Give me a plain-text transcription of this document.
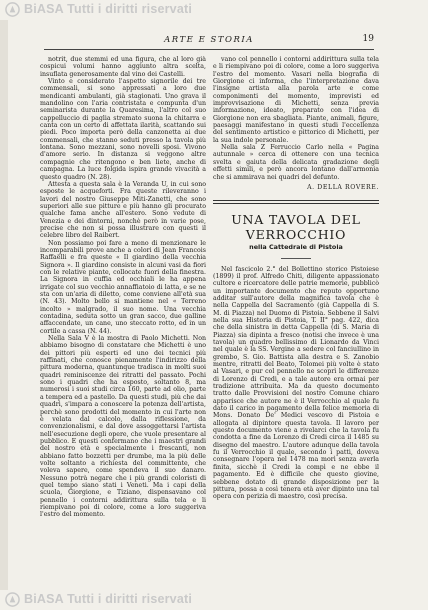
BiASA Tutti i diritti riservati
ARTE E STORIA	19

notrit, due stemmi ed una figura, che al loro già cospicui volumi hanno aggiunto altra scelta, insuflata generosamente dal vino dei Castelli.

Vinto e considerato l'aspetto signorile dei tre commensali, si sono appressati a loro due mendicanti ambulanti, già stagionati. Uno grava il mandolino con l'aria contristata e compunta d'un seminarista durante la Quaresima, l'altro col suo cappelluccio di paglia stremato suona la chitarra e canta con un certo di affettata ilarità, scattando sui piedi. Poco importa però della canzonetta ai due commensali, che stanno seduti presso la tavola più lontana. Sono mezzani, sono novelli sposi. Vivono d'amore serio. In distanza si veggono altre compagnie che ritengono e ben liete, anche di campagna. La luce folgida ispira grande vivacità a questo quadro (N. 28).

Attesta a questa sala è la Veranda U, in cui sono esposte le acqueforti. Fra queste rileveranno i lavori del nostro Giuseppe Miti-Zanetti, che sono superiori alle sue pitture e più hanno gli procurato qualche fama anche all'estero. Sono vedute di Venezia e dei dintorni, nonchè però in varie pose, precise che non si possa illustrare con questi il celebre libro del Raibert.

Non possiamo poi fare a meno di menzionare le incomparabili prove anche a colori di Jean Francois Raffaëlli e fra queste « Il giardino della vecchia Signora ». Il giardino consiste in alcuni vasi da fiori con le relative piante, collocate fuori della finestra. La Signora in cuffia ed occhiali le ha appena irrigate col suo vecchio annaffiatoio di latta, e se ne sta con un'aria di diletto, come conviene all'età sua (N. 43). Molto bello si mantiene nel « Terreno incolto » malgrado, il suo nome. Una vecchia contadina, seduta sotto un gran sacco, due galline affaccendate, un cane, uno steccato rotto, ed in un cortile a cassa (N. 44).

Nella Sala V è la mostra di Paolo Michetti. Non abbiamo bisogno di constatare che Michetti è uno dei pittori più esperti ed uno dei tecnici più raffinati, che conosce pienamente l'indirizzo della pittura moderna, quantunque tradisca in molti suoi quadri reminiscenze dei ritratti del passato. Pochi sono i quadri che ha esposto, soltanto 8, ma numerosi i suoi studi circa 160, parte ad olio, parte a tempera ed a pastello. Da questi studi, più che dai quadri, s'impara a conoscere la potenza dell'artista, perchè sono prodotti del momento in cui l'arte non è velata dal calcolo, dalla riflessione, da convenzionalismi, e dal dove assoggettarsi l'artista nell'esecuzione degli opere, che vuole presentare al pubblico. E questi confermano che i maestri grandi del nostro età e specialmente i frescanti, non abbiano fatto bozzetti per drumbe, ma la più delle volte soltanto a richiesta del committente, che voleva sapere, come spendeva il suo danaro. Nessuno potrà negare che i più grandi coloristi di quel tempo siano stati i Veneti. Ma i capi della scuola, Giorgione, e Tiziano, dispensavano col pennello i contorni addirittura sulla tela e li riempivano poi di colore, come a loro suggeriva l'estro del momento.

vano col pennello i contorni addirittura sulla tela e li riempivano poi di colore, come a loro suggeriva l'estro del momento. Vasari nella biografia di Giorgione ci informa, che l'interpretazione dava l'insigne artista alla parola arte e come componimenti del momento, imprevisti ed improvvisazione di Michetti, senza previa informazione, ideato, preparato con l'idea di Giorgione non era sbagliata. Piante, animali, figure, paesaggi manifestano in questi studi l'eccellenza del sentimento artistico e pittorico di Michetti, per la sua indole personale.

Nella sala Z Ferruccio Carlo nella « Pagina autunnale » cerca di ottenere con una tecnica svelta e gaiuta della delicata gradazione degli effetti simili, e però ancora lontano dall'armonia che si ammirava nei quadri del defunto.

A. DELLA ROVERE.
UNA TAVOLA DEL VERROCCHIO
nella Cattedrale di Pistoia

Nel fascicolo 2.° del Bollettino storico Pistoiese (1899) il prof. Alfredo Chiti, diligente appassionato cultore e ricercatore delle patrie memorie, pubblicò un importante documento che reputo opportuno additar sull'autore della magnifica tavola che è nella Cappella del Sacramento (già Cappella di S. M. di Piazza) nel Duomo di Pistoia. Sebbene il Salvi nella sua Historia di Pistoia, T. II° pag. 422, dica che della sinistra in detta Cappella (di S. Maria di Piazza) sia dipinta a fresco (notisi che invece è una tavola) un quadro bellissimo di Lionardo da Vinci nel quale è la SS. Vergine a sedere col fanciullino in grembo, S. Gio. Battista alla destra e S. Zanobio mentre, ritratti del Beato, Tolomei più volte è stato al Vasari, e pur col pennello ne scoprì le differenze di Lorenzo di Credi, e a tale autore era ormai per tradizione attribuita. Ma da questo documento tratto dalle Provvisioni del nostro Comune chiaro apparisce che autore ne è il Verrocchio al quale fu dato il carico in pagamento della felice memoria di Mons. Donato De' Medici vescovo di Pistoia e allogata al dipintore questa tavola. Il lavoro per questo documento viene a rivelarci che la tavola fu condotta a fine da Lorenzo di Credi circa il 1485 su disegno del maestro. L'autore adunque della tavola fu il Verrocchio il quale, secondo i patti, doveva consegnare l'opera nel 1478 ma morì senza averla finita, sicchè il Credi la compì e ne ebbe il pagamento. Ed è difficile che questo giovine, sebbene dotato di grande disposizione per la pittura, possa a così tenera età aver dipinto una tal opera con perizia di maestro, così precisa.

BiASA Tutti i diritti riservati
